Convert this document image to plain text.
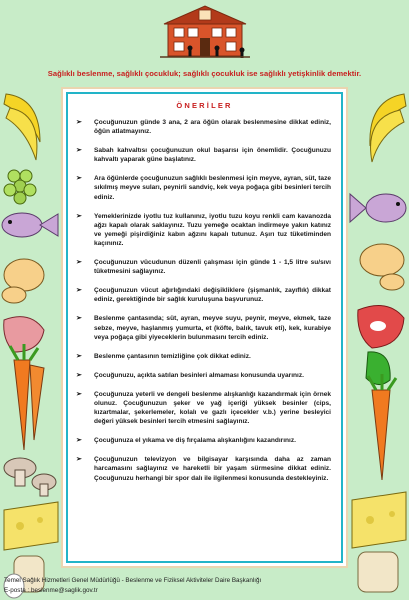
Sağlıklı beslenme, sağlıklı çocukluk; sağlıklı çocukluk ise sağlıklı yetişkinlik demektir.
ÖNERİLER
➢ Çocuğunuzun günde 3 ana, 2 ara öğün olarak beslenmesine dikkat ediniz, öğün atlatmayınız.
➢ Sabah kahvaltısı çocuğunuzun okul başarısı için önemlidir. Çocuğunuzu kahvaltı yaparak güne başlatınız.
➢ Ara öğünlerde çocuğunuzun sağlıklı beslenmesi için meyve, ayran, süt, taze sıkılmış meyve suları, peynirli sandviç, kek veya poğaça gibi besinleri tercih ediniz.
➢ Yemeklerinizde iyotlu tuz kullanınız, iyotlu tuzu koyu renkli cam kavanozda ağzı kapalı olarak saklayınız. Tuzu yemeğe ocaktan indirmeye yakın katınız ve yemeği pişirdiğiniz kabın ağzını kapalı tutunuz. Aşırı tuz tüketiminden kaçınınız.
➢ Çocuğunuzun vücudunun düzenli çalışması için günde 1 - 1,5 litre su/sıvı tüketmesini sağlayınız.
➢ Çocuğunuzun vücut ağırlığındaki değişikliklere (şişmanlık, zayıflık) dikkat ediniz, gerektiğinde bir sağlık kuruluşuna başvurunuz.
➢ Beslenme çantasında; süt, ayran, meyve suyu, peynir, meyve, ekmek, taze sebze, meyve, haşlanmış yumurta, et (köfte, balık, tavuk eti), kek, kurabiye veya poğaça gibi yiyeceklerin bulunmasını tercih ediniz.
➢ Beslenme çantasının temizliğine çok dikkat ediniz.
➢ Çocuğunuzu, açıkta satılan besinleri almaması konusunda uyarınız.
➢ Çocuğunuza yeterli ve dengeli beslenme alışkanlığı kazandırmak için örnek olunuz. Çocuğunuzun şeker ve yağ içeriği yüksek besinler (cips, kızartmalar, şekerlemeler, kolalı ve gazlı içecekler v.b.) yerine besleyici değeri yüksek besinleri tercih etmesini sağlayınız.
➢ Çocuğunuza el yıkama ve diş fırçalama alışkanlığını kazandırınız.
➢ Çocuğunuzun televizyon ve bilgisayar karşısında daha az zaman harcamasını sağlayınız ve hareketli bir yaşam sürmesine dikkat ediniz. Çocuğunuzu herhangi bir spor dalı ile ilgilenmesi konusunda destekleyiniz.
Temel Sağlık Hizmetleri Genel Müdürlüğü - Beslenme ve Fiziksel Aktiviteler Daire Başkanlığı
E-posta : beslenme@saglik.gov.tr
